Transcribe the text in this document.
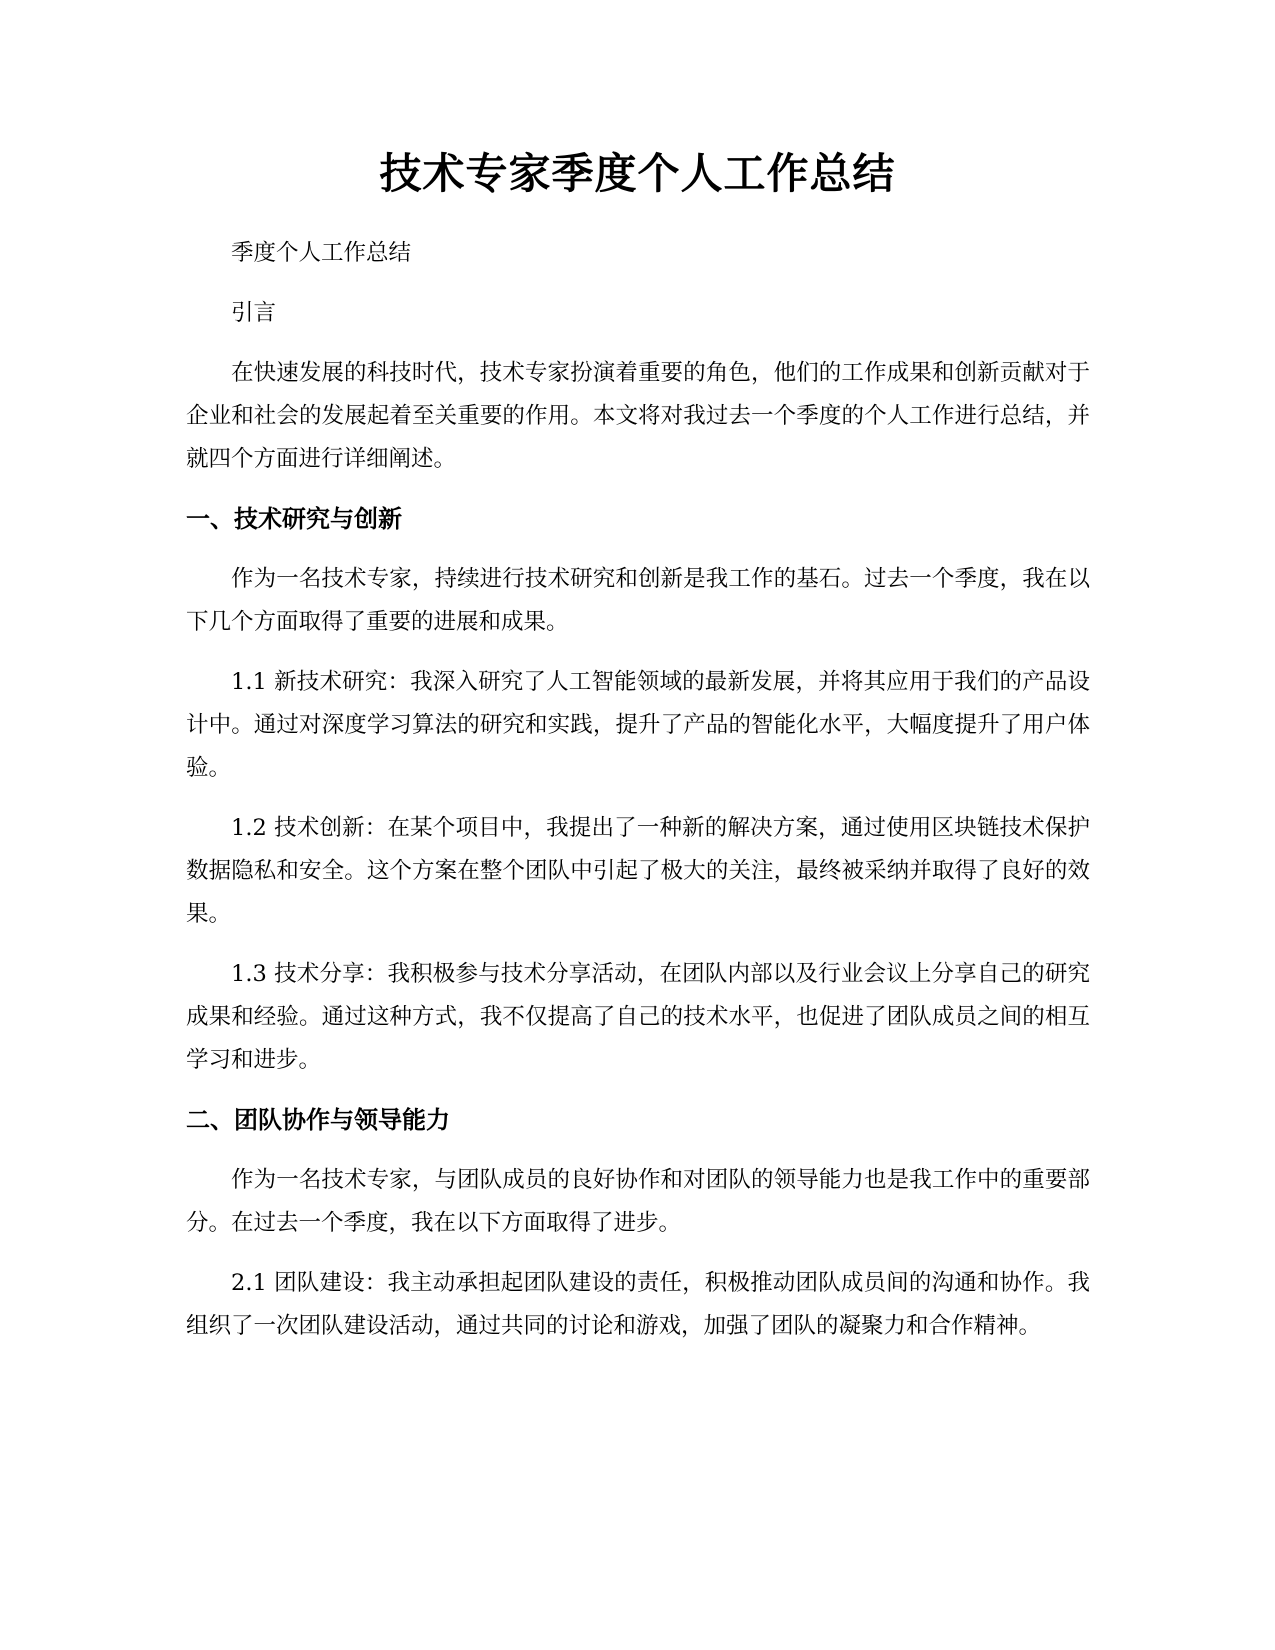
技术专家季度个人工作总结

季度个人工作总结

引言

在快速发展的科技时代，技术专家扮演着重要的角色，他们的工作成果和创新贡献对于企业和社会的发展起着至关重要的作用。本文将对我过去一个季度的个人工作进行总结，并就四个方面进行详细阐述。

一、技术研究与创新

作为一名技术专家，持续进行技术研究和创新是我工作的基石。过去一个季度，我在以下几个方面取得了重要的进展和成果。

1.1 新技术研究：我深入研究了人工智能领域的最新发展，并将其应用于我们的产品设计中。通过对深度学习算法的研究和实践，提升了产品的智能化水平，大幅度提升了用户体验。

1.2 技术创新：在某个项目中，我提出了一种新的解决方案，通过使用区块链技术保护数据隐私和安全。这个方案在整个团队中引起了极大的关注，最终被采纳并取得了良好的效果。

1.3 技术分享：我积极参与技术分享活动，在团队内部以及行业会议上分享自己的研究成果和经验。通过这种方式，我不仅提高了自己的技术水平，也促进了团队成员之间的相互学习和进步。

二、团队协作与领导能力

作为一名技术专家，与团队成员的良好协作和对团队的领导能力也是我工作中的重要部分。在过去一个季度，我在以下方面取得了进步。

2.1 团队建设：我主动承担起团队建设的责任，积极推动团队成员间的沟通和协作。我组织了一次团队建设活动，通过共同的讨论和游戏，加强了团队的凝聚力和合作精神。
